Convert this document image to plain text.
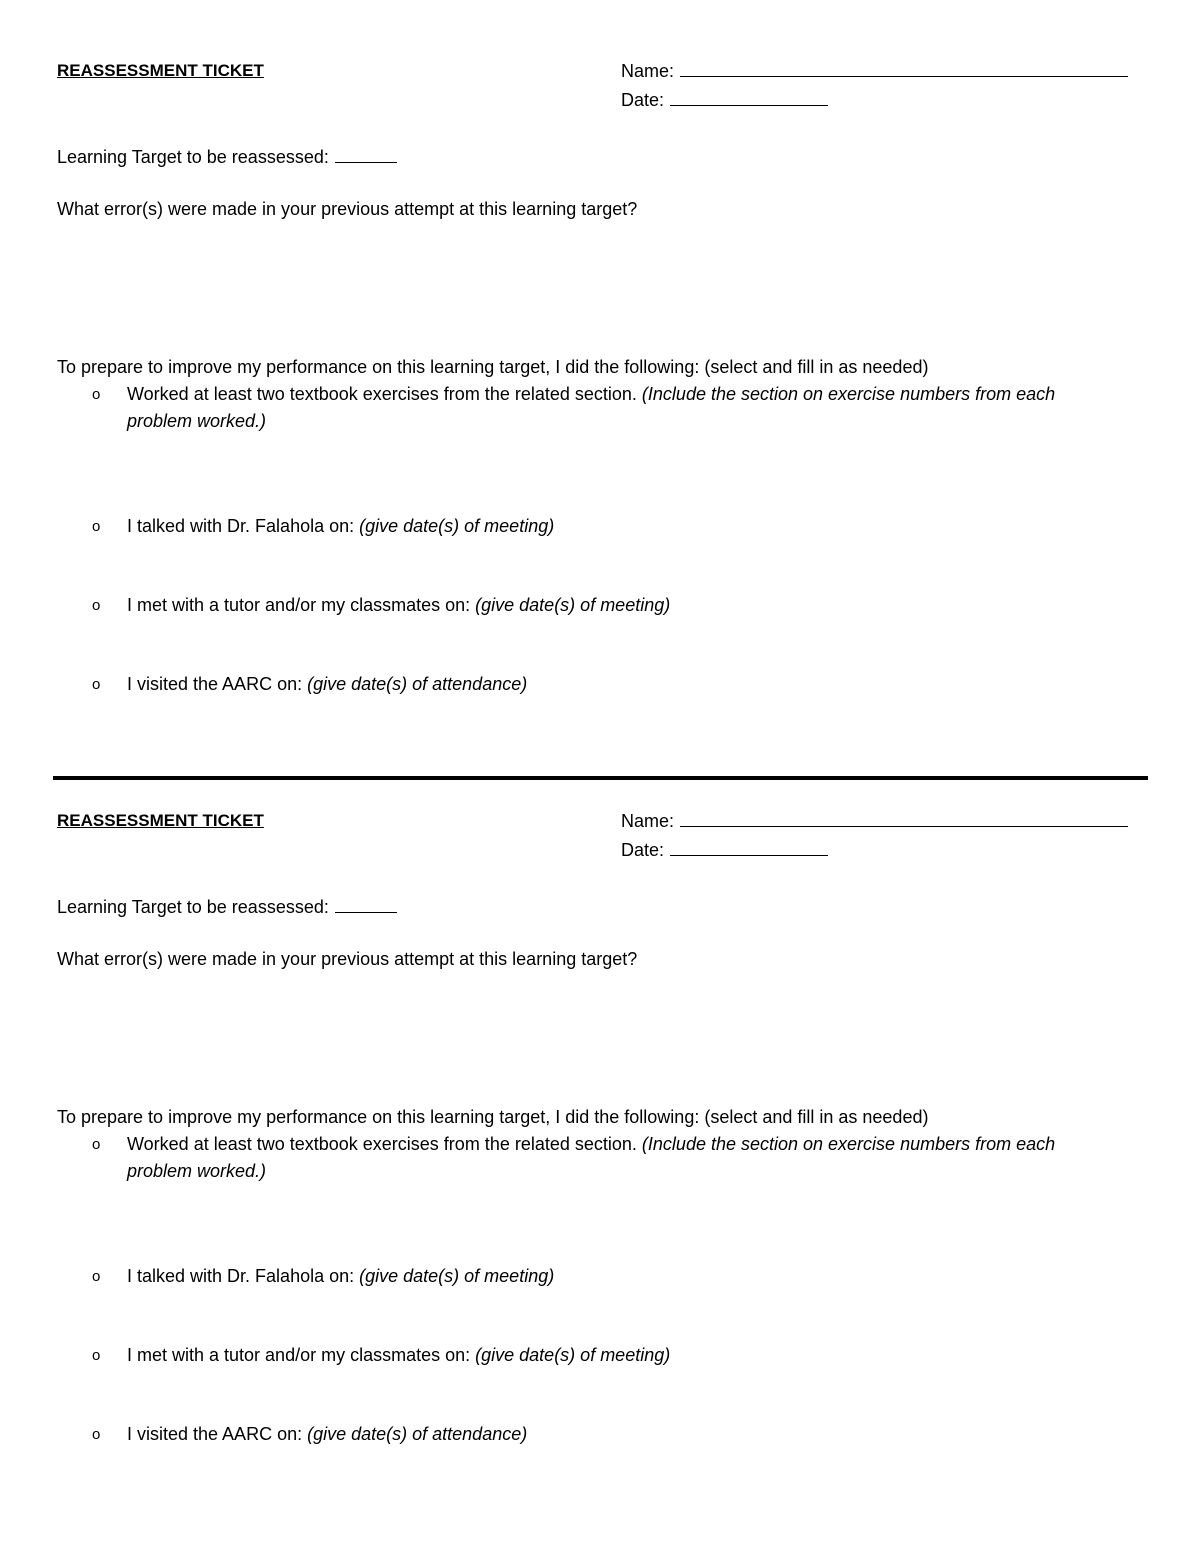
REASSESSMENT TICKET	Name:
Date:
Learning Target to be reassessed:
What error(s) were made in your previous attempt at this learning target?
To prepare to improve my performance on this learning target, I did the following: (select and fill in as needed)
o	Worked at least two textbook exercises from the related section. (Include the section on exercise numbers from each problem worked.)
o	I talked with Dr. Falahola on: (give date(s) of meeting)
o	I met with a tutor and/or my classmates on: (give date(s) of meeting)
o	I visited the AARC on: (give date(s) of attendance)
REASSESSMENT TICKET	Name:
Date:
Learning Target to be reassessed:
What error(s) were made in your previous attempt at this learning target?
To prepare to improve my performance on this learning target, I did the following: (select and fill in as needed)
o	Worked at least two textbook exercises from the related section. (Include the section on exercise numbers from each problem worked.)
o	I talked with Dr. Falahola on: (give date(s) of meeting)
o	I met with a tutor and/or my classmates on: (give date(s) of meeting)
o	I visited the AARC on: (give date(s) of attendance)
